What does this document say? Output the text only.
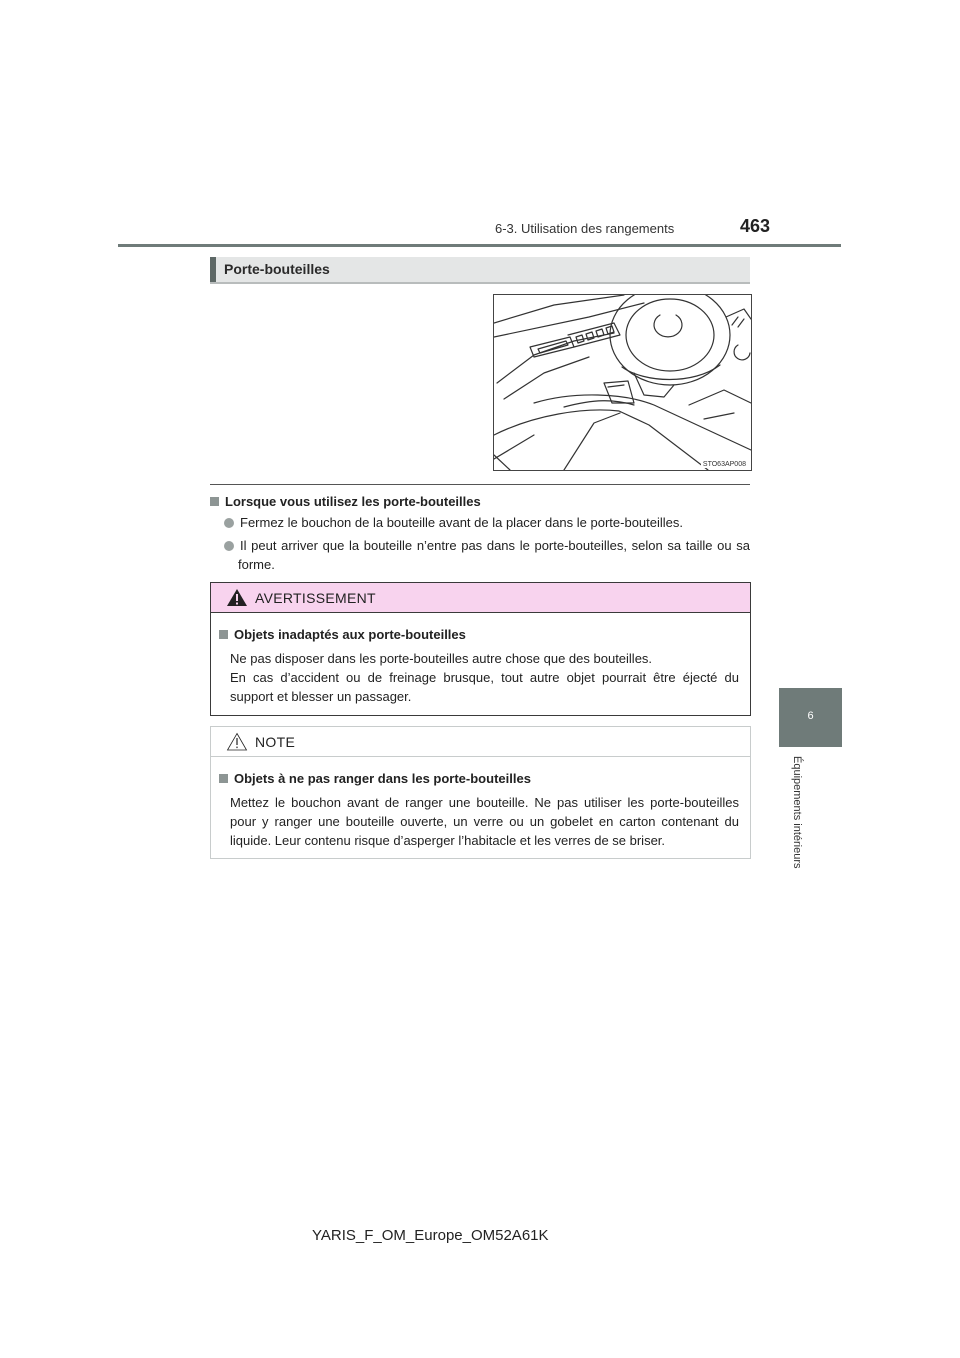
6-3. Utilisation des rangements	463
6
Équipements intérieurs
Porte-bouteilles
STO63AP008
Lorsque vous utilisez les porte-bouteilles
Fermez le bouchon de la bouteille avant de la placer dans le porte-bouteilles.
Il peut arriver que la bouteille n’entre pas dans le porte-bouteilles, selon sa taille ou sa forme.
AVERTISSEMENT
Objets inadaptés aux porte-bouteilles
Ne pas disposer dans les porte-bouteilles autre chose que des bouteilles.
En cas d’accident ou de freinage brusque, tout autre objet pourrait être éjecté du support et blesser un passager.
NOTE
Objets à ne pas ranger dans les porte-bouteilles
Mettez le bouchon avant de ranger une bouteille. Ne pas utiliser les porte-bouteilles pour y ranger une bouteille ouverte, un verre ou un gobelet en carton contenant du liquide. Leur contenu risque d’asperger l’habitacle et les verres de se briser.
YARIS_F_OM_Europe_OM52A61K
